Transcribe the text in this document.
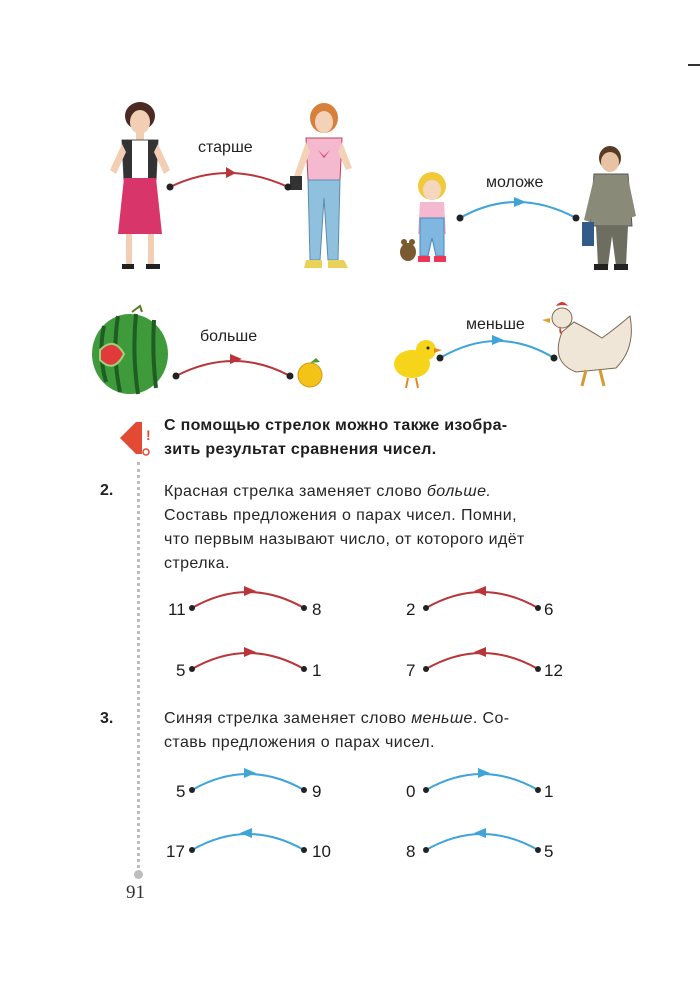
старше
моложе
больше
меньше
!
С помощью стрелок можно также изобра-
зить результат сравнения чисел.
2.	Красная стрелка заменяет слово больше.
Составь предложения о парах чисел. Помни,
что первым называют число, от которого идёт
стрелка.
11	8	2	6
5	1	7	12
3.	Синяя стрелка заменяет слово меньше. Со-
ставь предложения о парах чисел.
5	9	0	1
17	10	8	5
91
